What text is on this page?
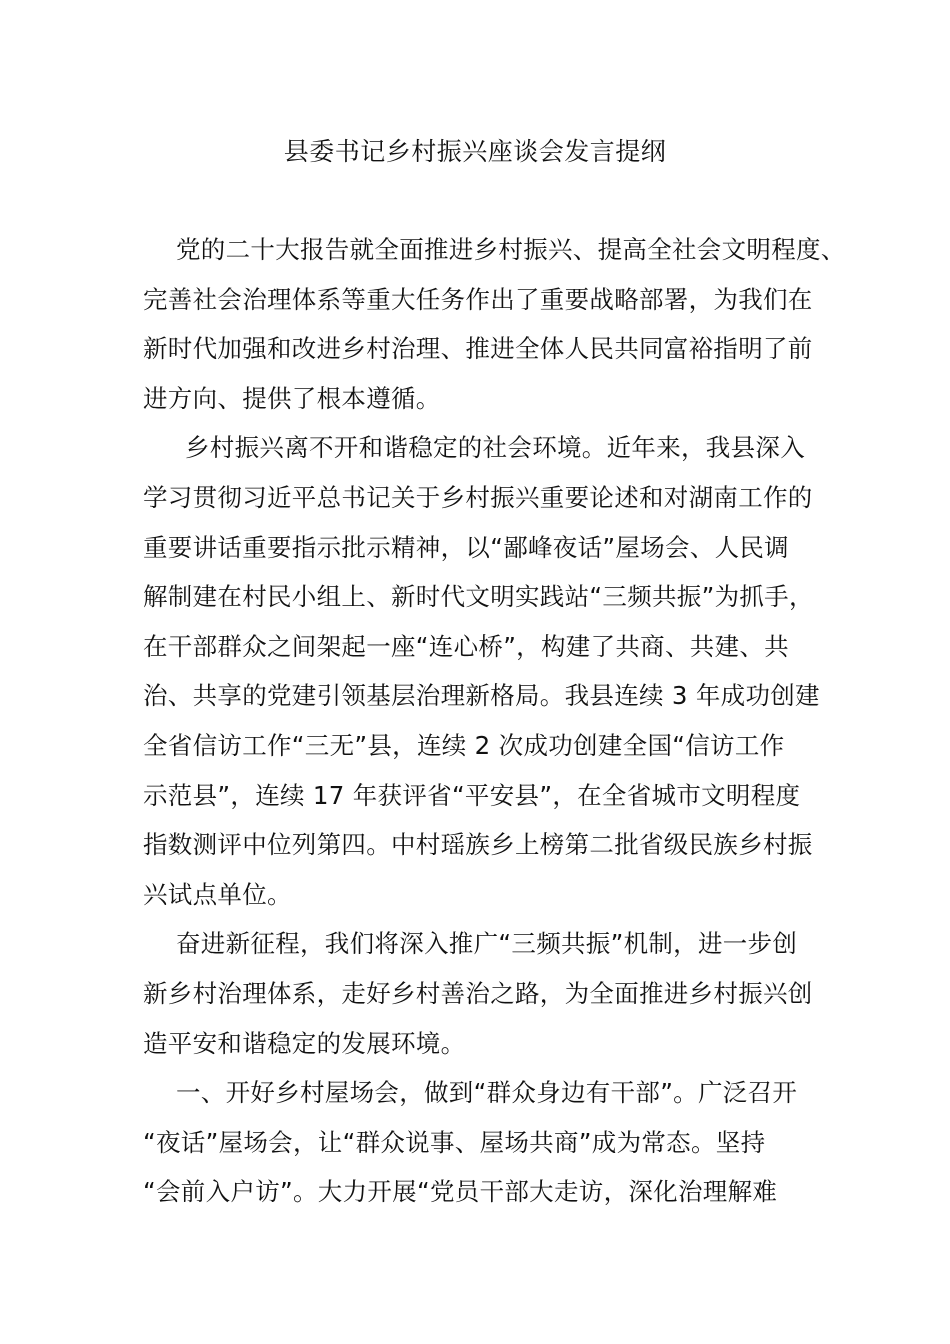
县委书记乡村振兴座谈会发言提纲
党的二十大报告就全面推进乡村振兴、提高全社会文明程度、
完善社会治理体系等重大任务作出了重要战略部署，为我们在
新时代加强和改进乡村治理、推进全体人民共同富裕指明了前
进方向、提供了根本遵循。
乡村振兴离不开和谐稳定的社会环境。近年来，我县深入
学习贯彻习近平总书记关于乡村振兴重要论述和对湖南工作的
重要讲话重要指示批示精神，以“鄙峰夜话”屋场会、人民调
解制建在村民小组上、新时代文明实践站“三频共振”为抓手，
在干部群众之间架起一座“连心桥”，构建了共商、共建、共
治、共享的党建引领基层治理新格局。我县连续 3 年成功创建
全省信访工作“三无”县，连续 2 次成功创建全国“信访工作
示范县”，连续 17 年获评省“平安县”，在全省城市文明程度
指数测评中位列第四。中村瑶族乡上榜第二批省级民族乡村振
兴试点单位。
奋进新征程，我们将深入推广“三频共振”机制，进一步创
新乡村治理体系，走好乡村善治之路，为全面推进乡村振兴创
造平安和谐稳定的发展环境。
一、开好乡村屋场会，做到“群众身边有干部”。广泛召开
“夜话”屋场会，让“群众说事、屋场共商”成为常态。坚持
“会前入户访”。大力开展“党员干部大走访，深化治理解难
